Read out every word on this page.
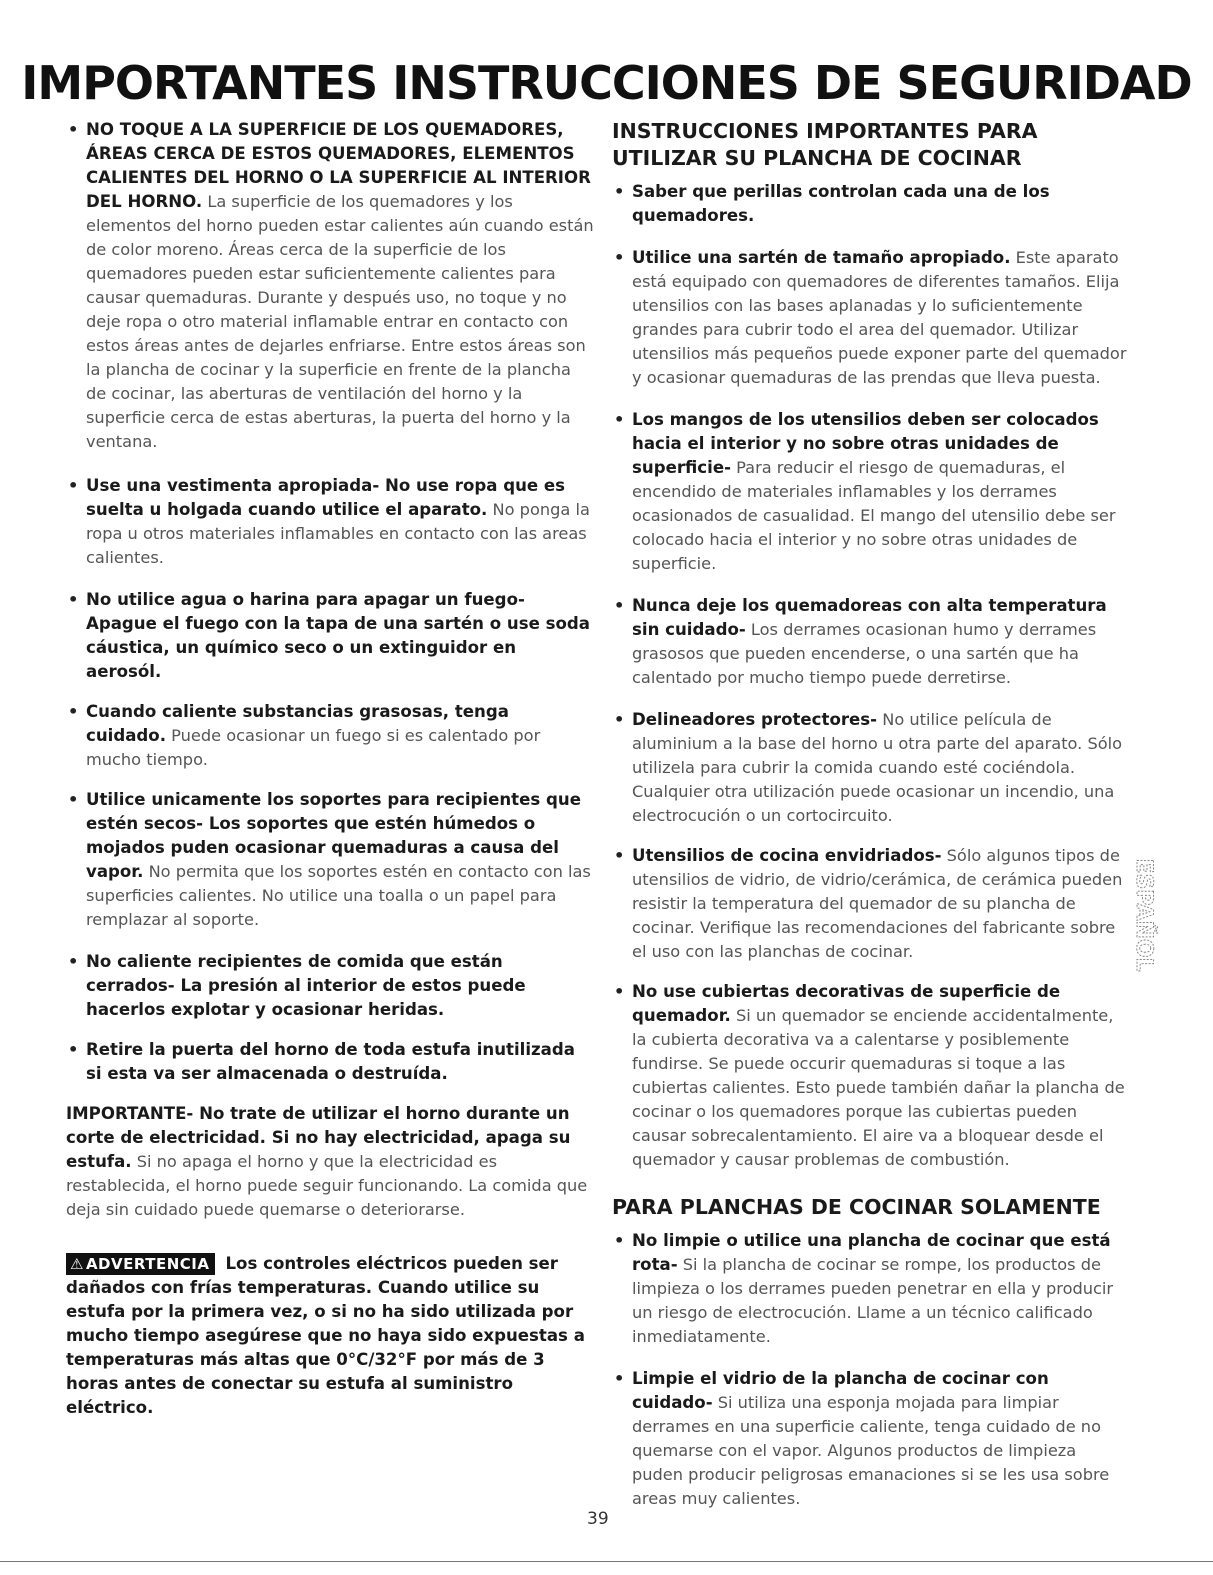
IMPORTANTES INSTRUCCIONES DE SEGURIDAD
• NO TOQUE A LA SUPERFICIE DE LOS QUEMADORES, ÁREAS CERCA DE ESTOS QUEMADORES, ELEMENTOS CALIENTES DEL HORNO O LA SUPERFICIE AL INTERIOR DEL HORNO. La superficie de los quemadores y los elementos del horno pueden estar calientes aún cuando están de color moreno. Áreas cerca de la superficie de los quemadores pueden estar suficientemente calientes para causar quemaduras. Durante y después uso, no toque y no deje ropa o otro material inflamable entrar en contacto con estos áreas antes de dejarles enfriarse. Entre estos áreas son la plancha de cocinar y la superficie en frente de la plancha de cocinar, las aberturas de ventilación del horno y la superficie cerca de estas aberturas, la puerta del horno y la ventana.
• Use una vestimenta apropiada- No use ropa que es suelta u holgada cuando utilice el aparato. No ponga la ropa u otros materiales inflamables en contacto con las areas calientes.
• No utilice agua o harina para apagar un fuego- Apague el fuego con la tapa de una sartén o use soda cáustica, un químico seco o un extinguidor en aerosól.
• Cuando caliente substancias grasosas, tenga cuidado. Puede ocasionar un fuego si es calentado por mucho tiempo.
• Utilice unicamente los soportes para recipientes que estén secos- Los soportes que estén húmedos o mojados puden ocasionar quemaduras a causa del vapor. No permita que los soportes estén en contacto con las superficies calientes. No utilice una toalla o un papel para remplazar al soporte.
• No caliente recipientes de comida que están cerrados- La presión al interior de estos puede hacerlos explotar y ocasionar heridas.
• Retire la puerta del horno de toda estufa inutilizada si esta va ser almacenada o destruída.

IMPORTANTE- No trate de utilizar el horno durante un corte de electricidad. Si no hay electricidad, apaga su estufa. Si no apaga el horno y que la electricidad es restablecida, el horno puede seguir funcionando. La comida que deja sin cuidado puede quemarse o deteriorarse.

⚠ ADVERTENCIA Los controles eléctricos pueden ser dañados con frías temperaturas. Cuando utilice su estufa por la primera vez, o si no ha sido utilizada por mucho tiempo asegúrese que no haya sido expuestas a temperaturas más altas que 0°C/32°F por más de 3 horas antes de conectar su estufa al suministro eléctrico.

INSTRUCCIONES IMPORTANTES PARA UTILIZAR SU PLANCHA DE COCINAR
• Saber que perillas controlan cada una de los quemadores.
• Utilice una sartén de tamaño apropiado. Este aparato está equipado con quemadores de diferentes tamaños. Elija utensilios con las bases aplanadas y lo suficientemente grandes para cubrir todo el area del quemador. Utilizar utensilios más pequeños puede exponer parte del quemador y ocasionar quemaduras de las prendas que lleva puesta.
• Los mangos de los utensilios deben ser colocados hacia el interior y no sobre otras unidades de superficie- Para reducir el riesgo de quemaduras, el encendido de materiales inflamables y los derrames ocasionados de casualidad. El mango del utensilio debe ser colocado hacia el interior y no sobre otras unidades de superficie.
• Nunca deje los quemadoreas con alta temperatura sin cuidado- Los derrames ocasionan humo y derrames grasosos que pueden encenderse, o una sartén que ha calentado por mucho tiempo puede derretirse.
• Delineadores protectores- No utilice película de aluminium a la base del horno u otra parte del aparato. Sólo utilizela para cubrir la comida cuando esté cociéndola. Cualquier otra utilización puede ocasionar un incendio, una electrocución o un cortocircuito.
• Utensilios de cocina envidriados- Sólo algunos tipos de utensilios de vidrio, de vidrio/cerámica, de cerámica pueden resistir la temperatura del quemador de su plancha de cocinar. Verifique las recomendaciones del fabricante sobre el uso con las planchas de cocinar.
• No use cubiertas decorativas de superficie de quemador. Si un quemador se enciende accidentalmente, la cubierta decorativa va a calentarse y posiblemente fundirse. Se puede occurir quemaduras si toque a las cubiertas calientes. Esto puede también dañar la plancha de cocinar o los quemadores porque las cubiertas pueden causar sobrecalentamiento. El aire va a bloquear desde el quemador y causar problemas de combustión.
PARA PLANCHAS DE COCINAR SOLAMENTE
• No limpie o utilice una plancha de cocinar que está rota- Si la plancha de cocinar se rompe, los productos de limpieza o los derrames pueden penetrar en ella y producir un riesgo de electrocución. Llame a un técnico calificado inmediatamente.
• Limpie el vidrio de la plancha de cocinar con cuidado- Si utiliza una esponja mojada para limpiar derrames en una superficie caliente, tenga cuidado de no quemarse con el vapor. Algunos productos de limpieza puden producir peligrosas emanaciones si se les usa sobre areas muy calientes.
ESPAÑOL

39
